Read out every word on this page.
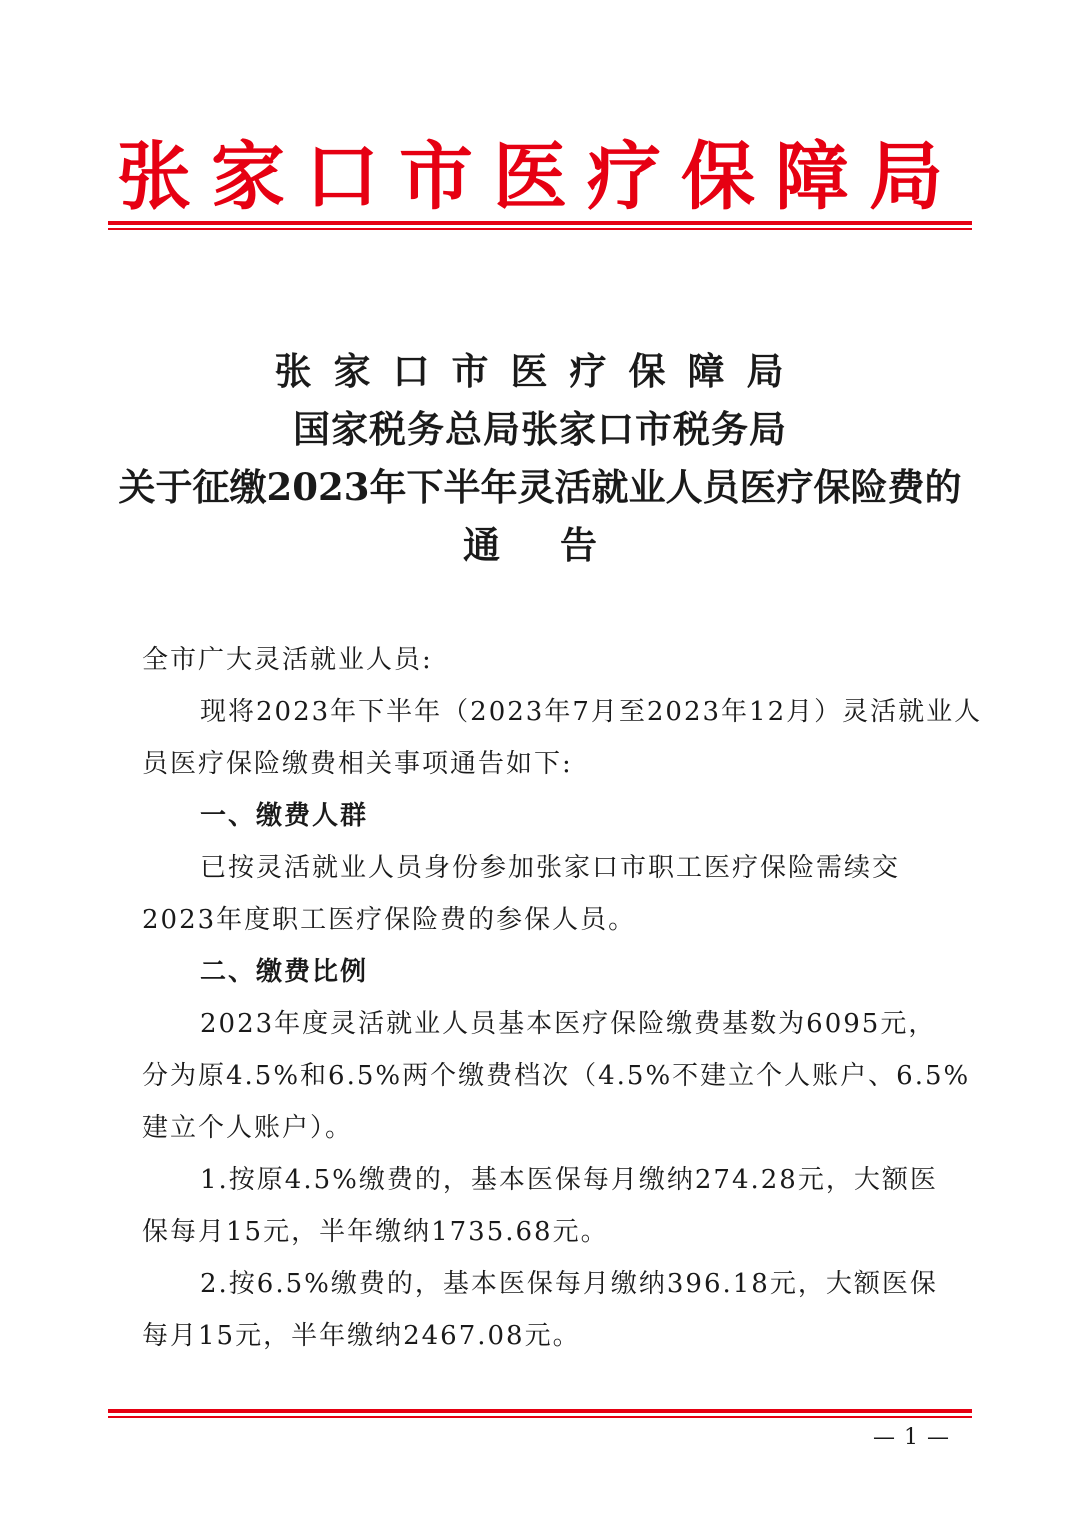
张家口市医疗保障局
张家口市医疗保障局
国家税务总局张家口市税务局
关于征缴2023年下半年灵活就业人员医疗保险费的
通告
全市广大灵活就业人员:
现将2023年下半年（2023年7月至2023年12月）灵活就业人
员医疗保险缴费相关事项通告如下:
一、缴费人群
已按灵活就业人员身份参加张家口市职工医疗保险需续交
2023年度职工医疗保险费的参保人员。
二、缴费比例
2023年度灵活就业人员基本医疗保险缴费基数为6095元，
分为原4.5%和6.5%两个缴费档次（4.5%不建立个人账户、6.5%
建立个人账户）。
1.按原4.5%缴费的，基本医保每月缴纳274.28元，大额医
保每月15元，半年缴纳1735.68元。
2.按6.5%缴费的，基本医保每月缴纳396.18元，大额医保
每月15元，半年缴纳2467.08元。
— 1 —
